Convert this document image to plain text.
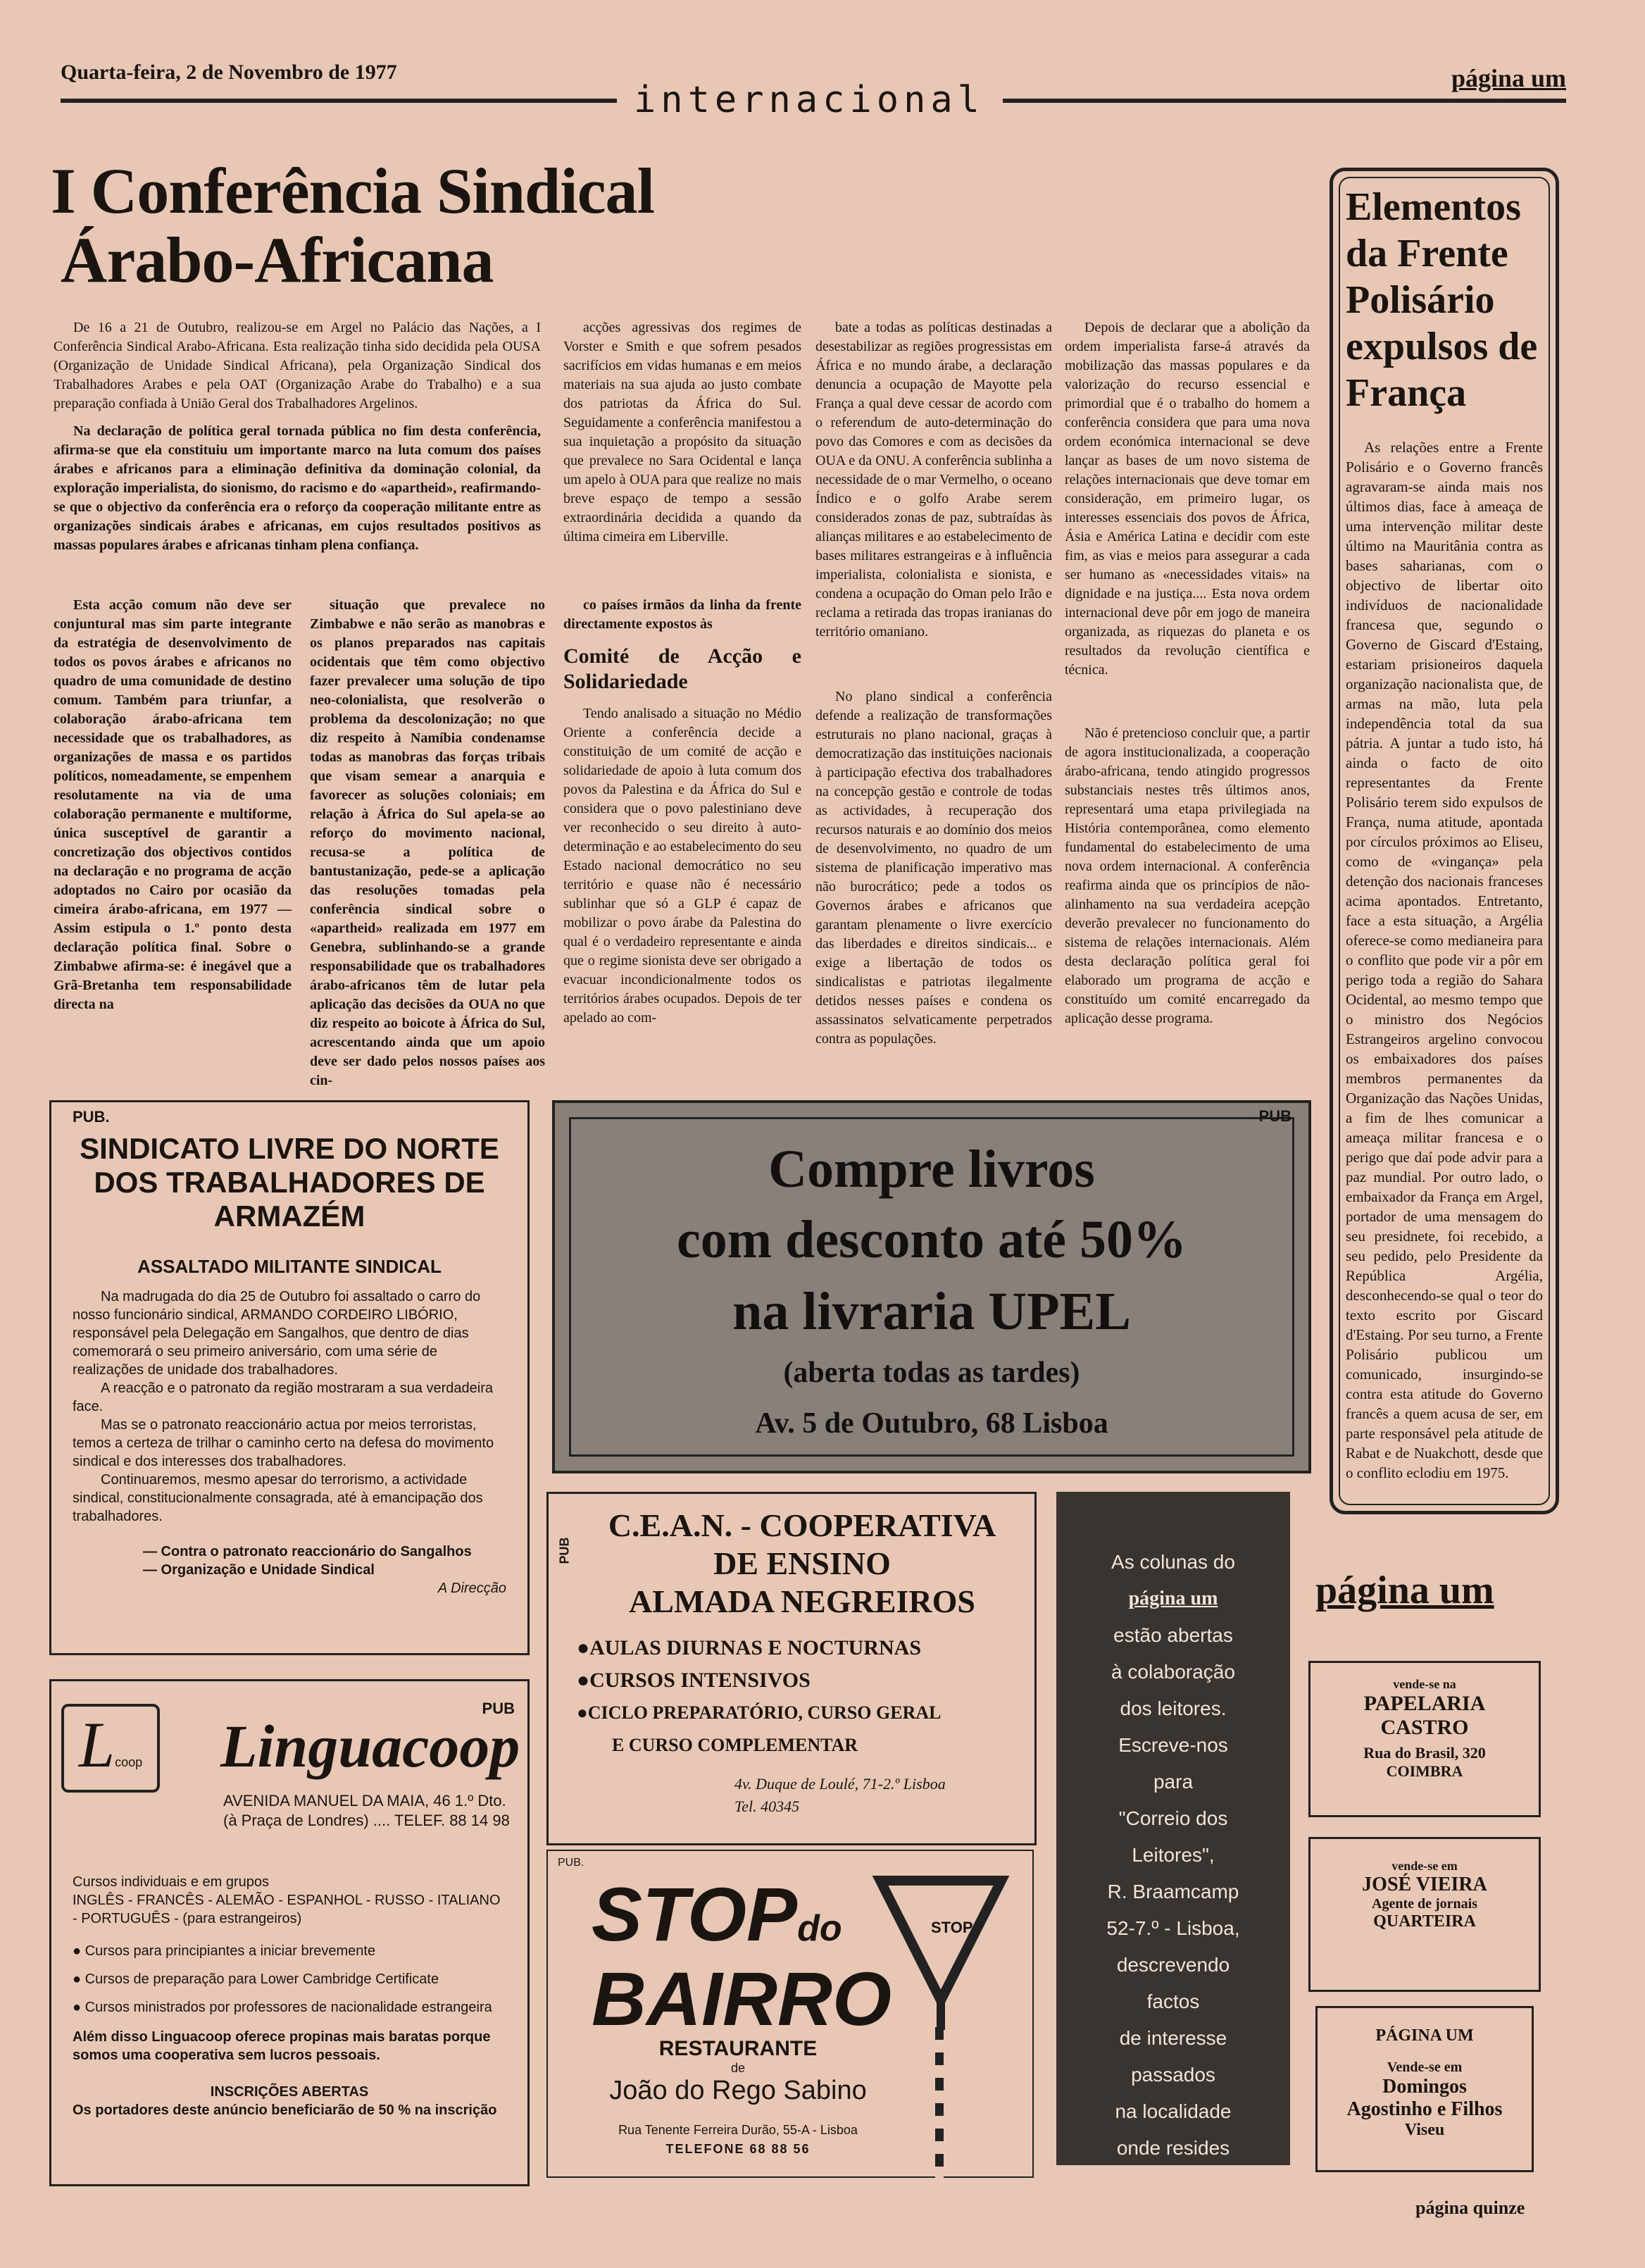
Quarta-feira, 2 de Novembro de 1977
internacional
página um
I Conferência Sindical
Árabo-Africana

De 16 a 21 de Outubro, realizou-se em Argel no Palácio das Nações, a I Conferência Sindical Arabo-Africana. Esta realização tinha sido decidida pela OUSA (Organização de Unidade Sindical Africana), pela Organização Sindical dos Trabalhadores Arabes e pela OAT (Organização Arabe do Trabalho) e a sua preparação confiada à União Geral dos Trabalhadores Argelinos.

Na declaração de política geral tornada pública no fim desta conferência, afirma-se que ela constituiu um importante marco na luta comum dos países árabes e africanos para a eliminação definitiva da dominação colonial, da exploração imperialista, do sionismo, do racismo e do «apartheid», reafirmando-se que o objectivo da conferência era o reforço da cooperação militante entre as organizações sindicais árabes e africanas, em cujos resultados positivos as massas populares árabes e africanas tinham plena confiança.

acções agressivas dos regimes de Vorster e Smith e que sofrem pesados sacrifícios em vidas humanas e em meios materiais na sua ajuda ao justo combate dos patriotas da África do Sul. Seguidamente a conferência manifestou a sua inquietação a propósito da situação que prevalece no Sara Ocidental e lança um apelo à OUA para que realize no mais breve espaço de tempo a sessão extraordinária decidida a quando da última cimeira em Liberville.

bate a todas as políticas destinadas a desestabilizar as regiões progressistas em África e no mundo árabe, a declaração denuncia a ocupação de Mayotte pela França a qual deve cessar de acordo com o referendum de auto-determinação do povo das Comores e com as decisões da OUA e da ONU. A conferência sublinha a necessidade de o mar Vermelho, o oceano Índico e o golfo Arabe serem considerados zonas de paz, subtraídas às alianças militares e ao estabelecimento de bases militares estrangeiras e à influência imperialista, colonialista e sionista, e condena a ocupação do Oman pelo Irão e reclama a retirada das tropas iranianas do território omaniano.

Depois de declarar que a abolição da ordem imperialista farse-á através da mobilização das massas populares e da valorização do recurso essencial e primordial que é o trabalho do homem a conferência considera que para uma nova ordem económica internacional se deve lançar as bases de um novo sistema de relações internacionais que deve tomar em consideração, em primeiro lugar, os interesses essenciais dos povos de África, Ásia e América Latina e decidir com este fim, as vias e meios para assegurar a cada ser humano as «necessidades vitais» na dignidade e na justiça.... Esta nova ordem internacional deve pôr em jogo de maneira organizada, as riquezas do planeta e os resultados da revolução científica e técnica.

Esta acção comum não deve ser conjuntural mas sim parte integrante da estratégia de desenvolvimento de todos os povos árabes e africanos no quadro de uma comunidade de destino comum. Também para triunfar, a colaboração árabo-africana tem necessidade que os trabalhadores, as organizações de massa e os partidos políticos, nomeadamente, se empenhem resolutamente na via de uma colaboração permanente e multiforme, única susceptível de garantir a concretização dos objectivos contidos na declaração e no programa de acção adoptados no Cairo por ocasião da cimeira árabo-africana, em 1977 — Assim estipula o 1.º ponto desta declaração política final. Sobre o Zimbabwe afirma-se: é inegável que a Grã-Bretanha tem responsabilidade directa na

situação que prevalece no Zimbabwe e não serão as manobras e os planos preparados nas capitais ocidentais que têm como objectivo fazer prevalecer uma solução de tipo neo-colonialista, que resolverão o problema da descolonização; no que diz respeito à Namíbia condenamse todas as manobras das forças tribais que visam semear a anarquia e favorecer as soluções coloniais; em relação à África do Sul apela-se ao reforço do movimento nacional, recusa-se a política de bantustanização, pede-se a aplicação das resoluções tomadas pela conferência sindical sobre o «apartheid» realizada em 1977 em Genebra, sublinhando-se a grande responsabilidade que os trabalhadores árabo-africanos têm de lutar pela aplicação das decisões da OUA no que diz respeito ao boicote à África do Sul, acrescentando ainda que um apoio deve ser dado pelos nossos países aos cin-

co países irmãos da linha da frente directamente expostos às

Comité de Acção e Solidariedade

Tendo analisado a situação no Médio Oriente a conferência decide a constituição de um comité de acção e solidariedade de apoio à luta comum dos povos da Palestina e da África do Sul e considera que o povo palestiniano deve ver reconhecido o seu direito à auto-determinação e ao estabelecimento do seu Estado nacional democrático no seu território e quase não é necessário sublinhar que só a GLP é capaz de mobilizar o povo árabe da Palestina do qual é o verdadeiro representante e ainda que o regime sionista deve ser obrigado a evacuar incondicionalmente todos os territórios árabes ocupados. Depois de ter apelado ao com-

No plano sindical a conferência defende a realização de transformações estruturais no plano nacional, graças à democratização das instituições nacionais à participação efectiva dos trabalhadores na concepção gestão e controle de todas as actividades, à recuperação dos recursos naturais e ao domínio dos meios de desenvolvimento, no quadro de um sistema de planificação imperativo mas não burocrático; pede a todos os Governos árabes e africanos que garantam plenamente o livre exercício das liberdades e direitos sindicais... e exige a libertação de todos os sindicalistas e patriotas ilegalmente detidos nesses países e condena os assassinatos selvaticamente perpetrados contra as populações.

Não é pretencioso concluir que, a partir de agora institucionalizada, a cooperação árabo-africana, tendo atingido progressos substanciais nestes três últimos anos, representará uma etapa privilegiada na História contemporânea, como elemento fundamental do estabelecimento de uma nova ordem internacional. A conferência reafirma ainda que os princípios de não-alinhamento na sua verdadeira acepção deverão prevalecer no funcionamento do sistema de relações internacionais. Além desta declaração política geral foi elaborado um programa de acção e constituído um comité encarregado da aplicação desse programa.

Elementos da Frente Polisário expulsos de França

As relações entre a Frente Polisário e o Governo francês agravaram-se ainda mais nos últimos dias, face à ameaça de uma intervenção militar deste último na Mauritânia contra as bases saharianas, com o objectivo de libertar oito indivíduos de nacionalidade francesa que, segundo o Governo de Giscard d'Estaing, estariam prisioneiros daquela organização nacionalista que, de armas na mão, luta pela independência total da sua pátria. A juntar a tudo isto, há ainda o facto de oito representantes da Frente Polisário terem sido expulsos de França, numa atitude, apontada por círculos próximos ao Eliseu, como de «vingança» pela detenção dos nacionais franceses acima apontados. Entretanto, face a esta situação, a Argélia oferece-se como medianeira para o conflito que pode vir a pôr em perigo toda a região do Sahara Ocidental, ao mesmo tempo que o ministro dos Negócios Estrangeiros argelino convocou os embaixadores dos países membros permanentes da Organização das Nações Unidas, a fim de lhes comunicar a ameaça militar francesa e o perigo que daí pode advir para a paz mundial. Por outro lado, o embaixador da França em Argel, portador de uma mensagem do seu presidnete, foi recebido, a seu pedido, pelo Presidente da República Argélia, desconhecendo-se qual o teor do texto escrito por Giscard d'Estaing. Por seu turno, a Frente Polisário publicou um comunicado, insurgindo-se contra esta atitude do Governo francês a quem acusa de ser, em parte responsável pela atitude de Rabat e de Nuakchott, desde que o conflito eclodiu em 1975.

PUB.
SINDICATO LIVRE DO NORTE DOS TRABALHADORES DE ARMAZÉM
ASSALTADO MILITANTE SINDICAL
Na madrugada do dia 25 de Outubro foi assaltado o carro do nosso funcionário sindical, ARMANDO CORDEIRO LIBÓRIO, responsável pela Delegação em Sangalhos, que dentro de dias comemorará o seu primeiro aniversário, com uma série de realizações de unidade dos trabalhadores.
A reacção e o patronato da região mostraram a sua verdadeira face.
Mas se o patronato reaccionário actua por meios terroristas, temos a certeza de trilhar o caminho certo na defesa do movimento sindical e dos interesses dos trabalhadores.
Continuaremos, mesmo apesar do terrorismo, a actividade sindical, constitucionalmente consagrada, até à emancipação dos trabalhadores.
— Contra o patronato reaccionário do Sangalhos
— Organização e Unidade Sindical
A Direcção
PUB
Compre livros
com desconto até 50%
na livraria UPEL
(aberta todas as tardes)
Av. 5 de Outubro, 68 Lisboa
PUB
Lcoop Linguacoop
AVENIDA MANUEL DA MAIA, 46 1.º Dto.
(à Praça de Londres) .... TELEF. 88 14 98
Cursos individuais e em grupos
INGLÊS - FRANCÊS - ALEMÃO - ESPANHOL - RUSSO - ITALIANO - PORTUGUÊS - (para estrangeiros)
● Cursos para principiantes a iniciar brevemente
● Cursos de preparação para Lower Cambridge Certificate
● Cursos ministrados por professores de nacionalidade estrangeira
Além disso Linguacoop oferece propinas mais baratas porque somos uma cooperativa sem lucros pessoais.
INSCRIÇÕES ABERTAS
Os portadores deste anúncio beneficiarão de 50 % na inscrição
PUB
C.E.A.N. - COOPERATIVA
DE ENSINO
ALMADA NEGREIROS
●AULAS DIURNAS E NOCTURNAS
●CURSOS INTENSIVOS
●CICLO PREPARATÓRIO, CURSO GERAL
E CURSO COMPLEMENTAR
4v. Duque de Loulé, 71-2.º Lisboa
Tel. 40345
PUB.
STOPdo
BAIRRO
STOP
RESTAURANTE
de
João do Rego Sabino
Rua Tenente Ferreira Durão, 55-A - Lisboa
TELEFONE 68 88 56
As colunas do
página um
estão abertas
à colaboração
dos leitores.
Escreve-nos
para
"Correio dos
Leitores",
R. Braamcamp
52-7.º - Lisboa,
descrevendo
factos
de interesse
passados
na localidade
onde resides
página um
vende-se na
PAPELARIA
CASTRO
Rua do Brasil, 320
COIMBRA
vende-se em
JOSÉ VIEIRA
Agente de jornais
QUARTEIRA
PÁGINA UM
Vende-se em
Domingos
Agostinho e Filhos
Viseu
página quinze
